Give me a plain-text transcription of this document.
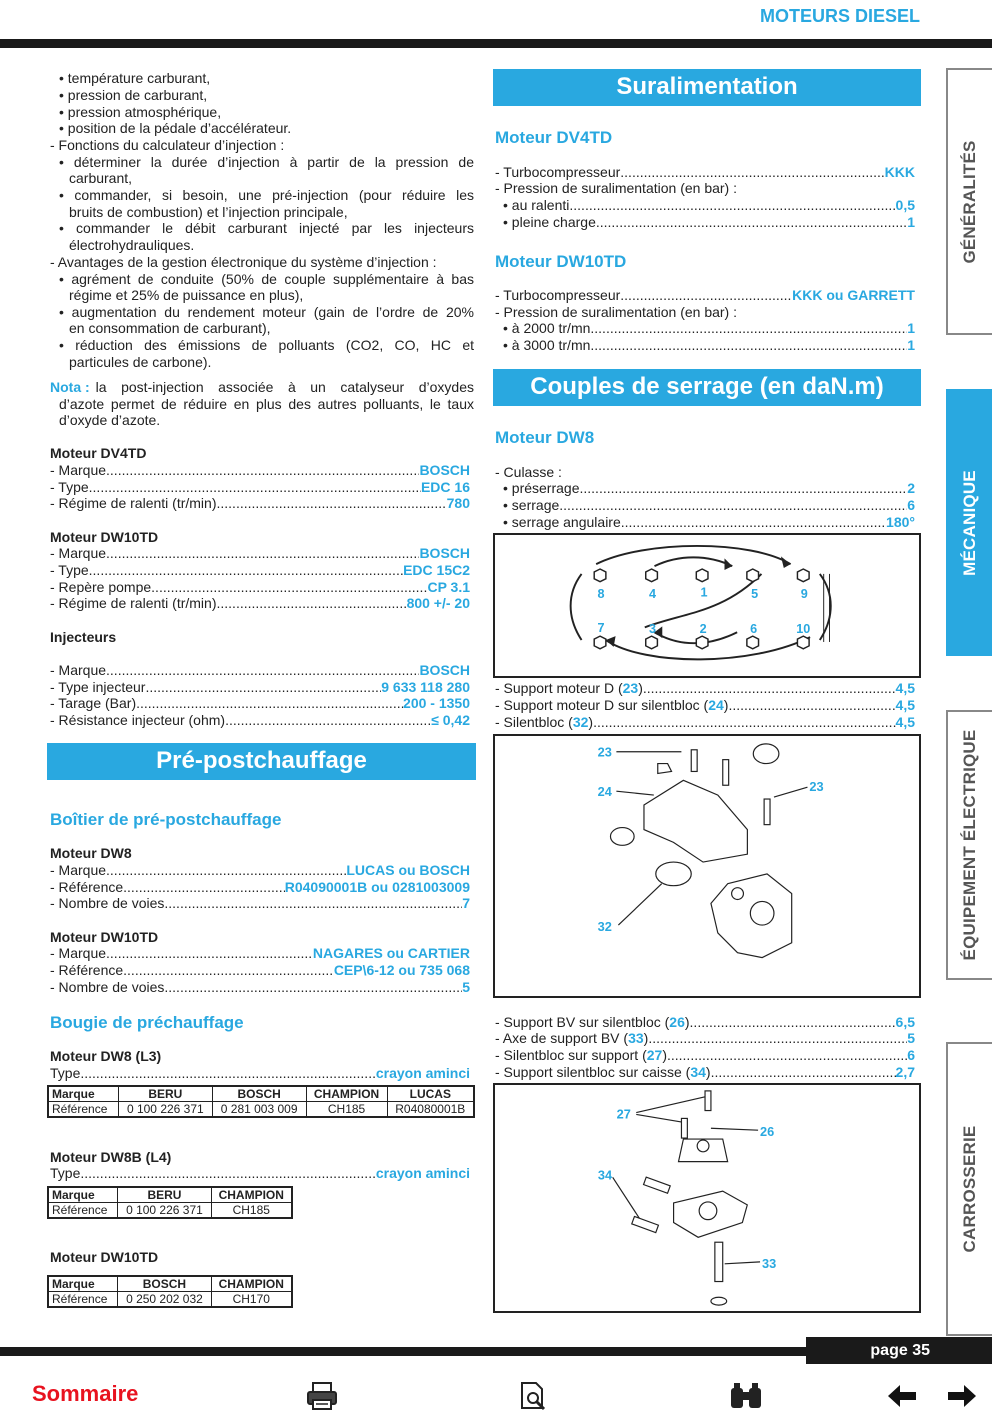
MOTEURS DIESEL
GÉNÉRALITÉS
MÉCANIQUE
ÉQUIPEMENT ÉLECTRIQUE
CARROSSERIE
• température carburant,
• pression de carburant,
• pression atmosphérique,
• position de la pédale d’accélérateur.
- Fonctions du calculateur d’injection :
• déterminer la durée d’injection à partir de la pression de
carburant,
• commander, si besoin, une pré-injection (pour réduire les
bruits de combustion) et l’injection principale,
• commander le débit carburant injecté par les injecteurs
électrohydrauliques.
- Avantages de la gestion électronique du système d’injection :
• agrément de conduite (50% de couple supplémentaire à bas
régime et 25% de puissance en plus),
• augmentation du rendement moteur (gain de l’ordre de 20%
en consommation de carburant),
• réduction des émissions de polluants (CO2, CO, HC et
particules de carbone).
Nota : la post-injection associée à un catalyseur d’oxydes
d’azote permet de réduire en plus des autres polluants, le taux
d’oxyde d’azote.
Moteur DV4TD
- Marque .....	BOSCH
- Type .....	EDC 16
- Régime de ralenti (tr/min) .....	780
Moteur DW10TD
- Marque .....	BOSCH
- Type .....	EDC 15C2
- Repère pompe .....	CP 3.1
- Régime de ralenti (tr/min) .....	800 +/- 20
Injecteurs
- Marque .....	BOSCH
- Type injecteur .....	9 633 118 280
- Tarage (Bar) .....	200 - 1350
- Résistance injecteur (ohm) .....	≤ 0,42
Pré-postchauffage
Boîtier de pré-postchauffage
Moteur DW8
- Marque .....	LUCAS ou BOSCH
- Référence .....	R04090001B ou 0281003009
- Nombre de voies .....	7
Moteur DW10TD
- Marque .....	NAGARES ou CARTIER
- Référence .....	CEP\6-12 ou 735 068
- Nombre de voies .....	5
Bougie de préchauffage
Moteur DW8 (L3)
Type .....	crayon aminci
Marque	BERU	BOSCH	CHAMPION	LUCAS
Référence	0 100 226 371	0 281 003 009	CH185	R04080001B
Moteur DW8B (L4)
Type .....	crayon aminci
Marque	BERU	CHAMPION
Référence	0 100 226 371	CH185
Moteur DW10TD
Marque	BOSCH	CHAMPION
Référence	0 250 202 032	CH170
Suralimentation
Moteur DV4TD
- Turbocompresseur .....	KKK
- Pression de suralimentation (en bar) :
• au ralenti .....	0,5
• pleine charge .....	1
Moteur DW10TD
- Turbocompresseur .....	KKK ou GARRETT
- Pression de suralimentation (en bar) :
• à 2000 tr/mn .....	1
• à 3000 tr/mn .....	1
Couples de serrage (en daN.m)
Moteur DW8
- Culasse :
• préserrage .....	2
• serrage .....	6
• serrage angulaire .....	180°
8	4	1	5	9
7	3	2	6	10
- Support moteur D (23) .....	4,5
- Support moteur D sur silentbloc (24) .....	4,5
- Silentbloc (32) .....	4,5
23
24	23
32
- Support BV sur silentbloc (26) .....	6,5
- Axe de support BV (33) .....	5
- Silentbloc sur support (27) .....	6
- Support silentbloc sur caisse (34) .....	2,7
27
26
34
33
page 35
Sommaire
